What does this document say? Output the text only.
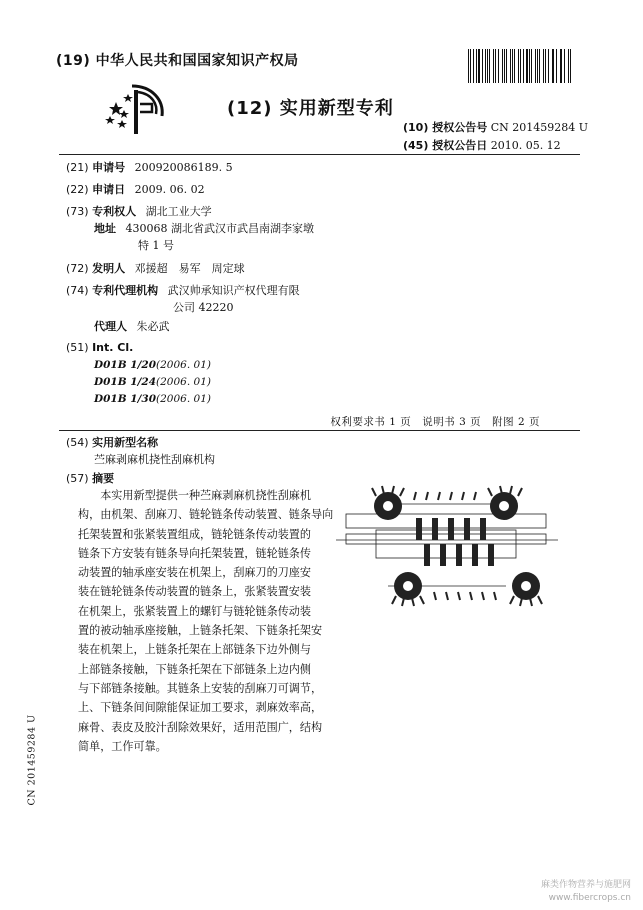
(19) 中华人民共和国国家知识产权局
(12) 实用新型专利
(10) 授权公告号 CN 201459284 U
(45) 授权公告日 2010. 05. 12
(21) 申请号 200920086189. 5
(22) 申请日 2009. 06. 02
(73) 专利权人 湖北工业大学
地址 430068 湖北省武汉市武昌南湖李家墩
特 1 号
(72) 发明人 邓援超　易军　周定球
(74) 专利代理机构 武汉帅承知识产权代理有限
公司 42220
代理人 朱必武
(51) Int. Cl.
D01B 1/20(2006. 01)
D01B 1/24(2006. 01)
D01B 1/30(2006. 01)
权利要求书 1 页　说明书 3 页　附图 2 页
(54) 实用新型名称
苎麻剥麻机挠性刮麻机构
(57) 摘要
　　本实用新型提供一种苎麻剥麻机挠性刮麻机
构，由机架、刮麻刀、链轮链条传动装置、链条导向
托架装置和张紧装置组成，链轮链条传动装置的
链条下方安装有链条导向托架装置，链轮链条传
动装置的轴承座安装在机架上，刮麻刀的刀座安
装在链轮链条传动装置的链条上，张紧装置安装
在机架上，张紧装置上的螺钉与链轮链条传动装
置的被动轴承座接触，上链条托架、下链条托架安
装在机架上，上链条托架在上部链条下边外侧与
上部链条接触，下链条托架在下部链条上边内侧
与下部链条接触。其链条上安装的刮麻刀可调节，
上、下链条间间隙能保证加工要求，剥麻效率高，
麻骨、表皮及胶汁刮除效果好，适用范围广，结构
简单，工作可靠。
CN 201459284 U
麻类作物营养与施肥网
www.fibercrops.cn
